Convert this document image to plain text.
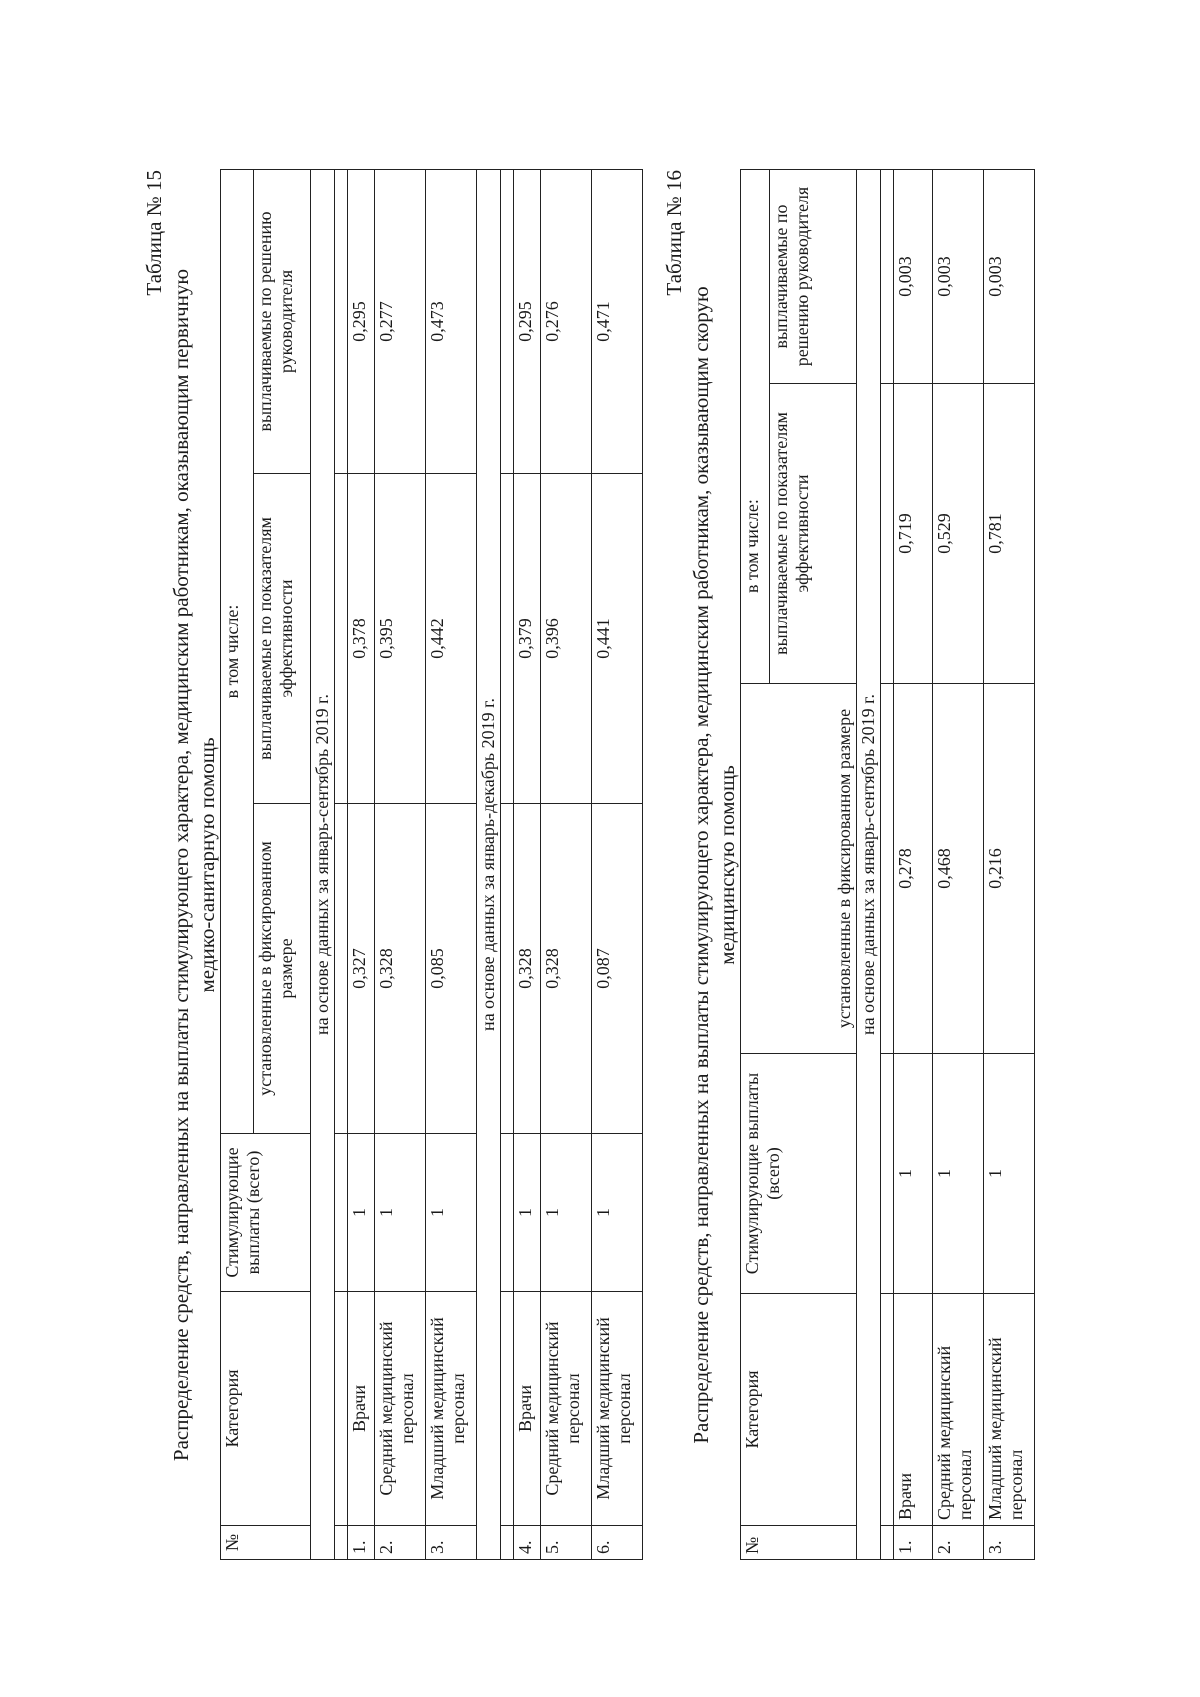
Таблица № 15

Распределение средств, направленных на выплаты стимулирующего характера, медицинским работникам, оказывающим первичную
медико-санитарную помощь

№	Категория	Стимулирующие выплаты (всего)	в том числе:		
			установленные в фиксированном размере	выплачиваемые по показателям эффективности	выплачиваемые по решению руководителя
на основе данных за январь-сентябрь 2019 г.					

1.	Врачи	1	0,327	0,378	0,295
2.	Средний медицинский персонал	1	0,328	0,395	0,277
3.	Младший медицинский персонал	1	0,085	0,442	0,473
на основе данных за январь-декабрь 2019 г.					

4.	Врачи	1	0,328	0,379	0,295
5.	Средний медицинский персонал	1	0,328	0,396	0,276
6.	Младший медицинский персонал	1	0,087	0,441	0,471

Таблица № 16

Распределение средств, направленных на выплаты стимулирующего характера, медицинским работникам, оказывающим скорую
медицинскую помощь

№	Категория	Стимулирующие выплаты (всего)	установленные в фиксированном размере	в том числе:	
				выплачиваемые по показателям эффективности	выплачиваемые по решению руководителя
на основе данных за январь-сентябрь 2019 г.					

1.	Врачи	1	0,278	0,719	0,003
2.	Средний медицинский персонал	1	0,468	0,529	0,003
3.	Младший медицинский персонал	1	0,216	0,781	0,003
